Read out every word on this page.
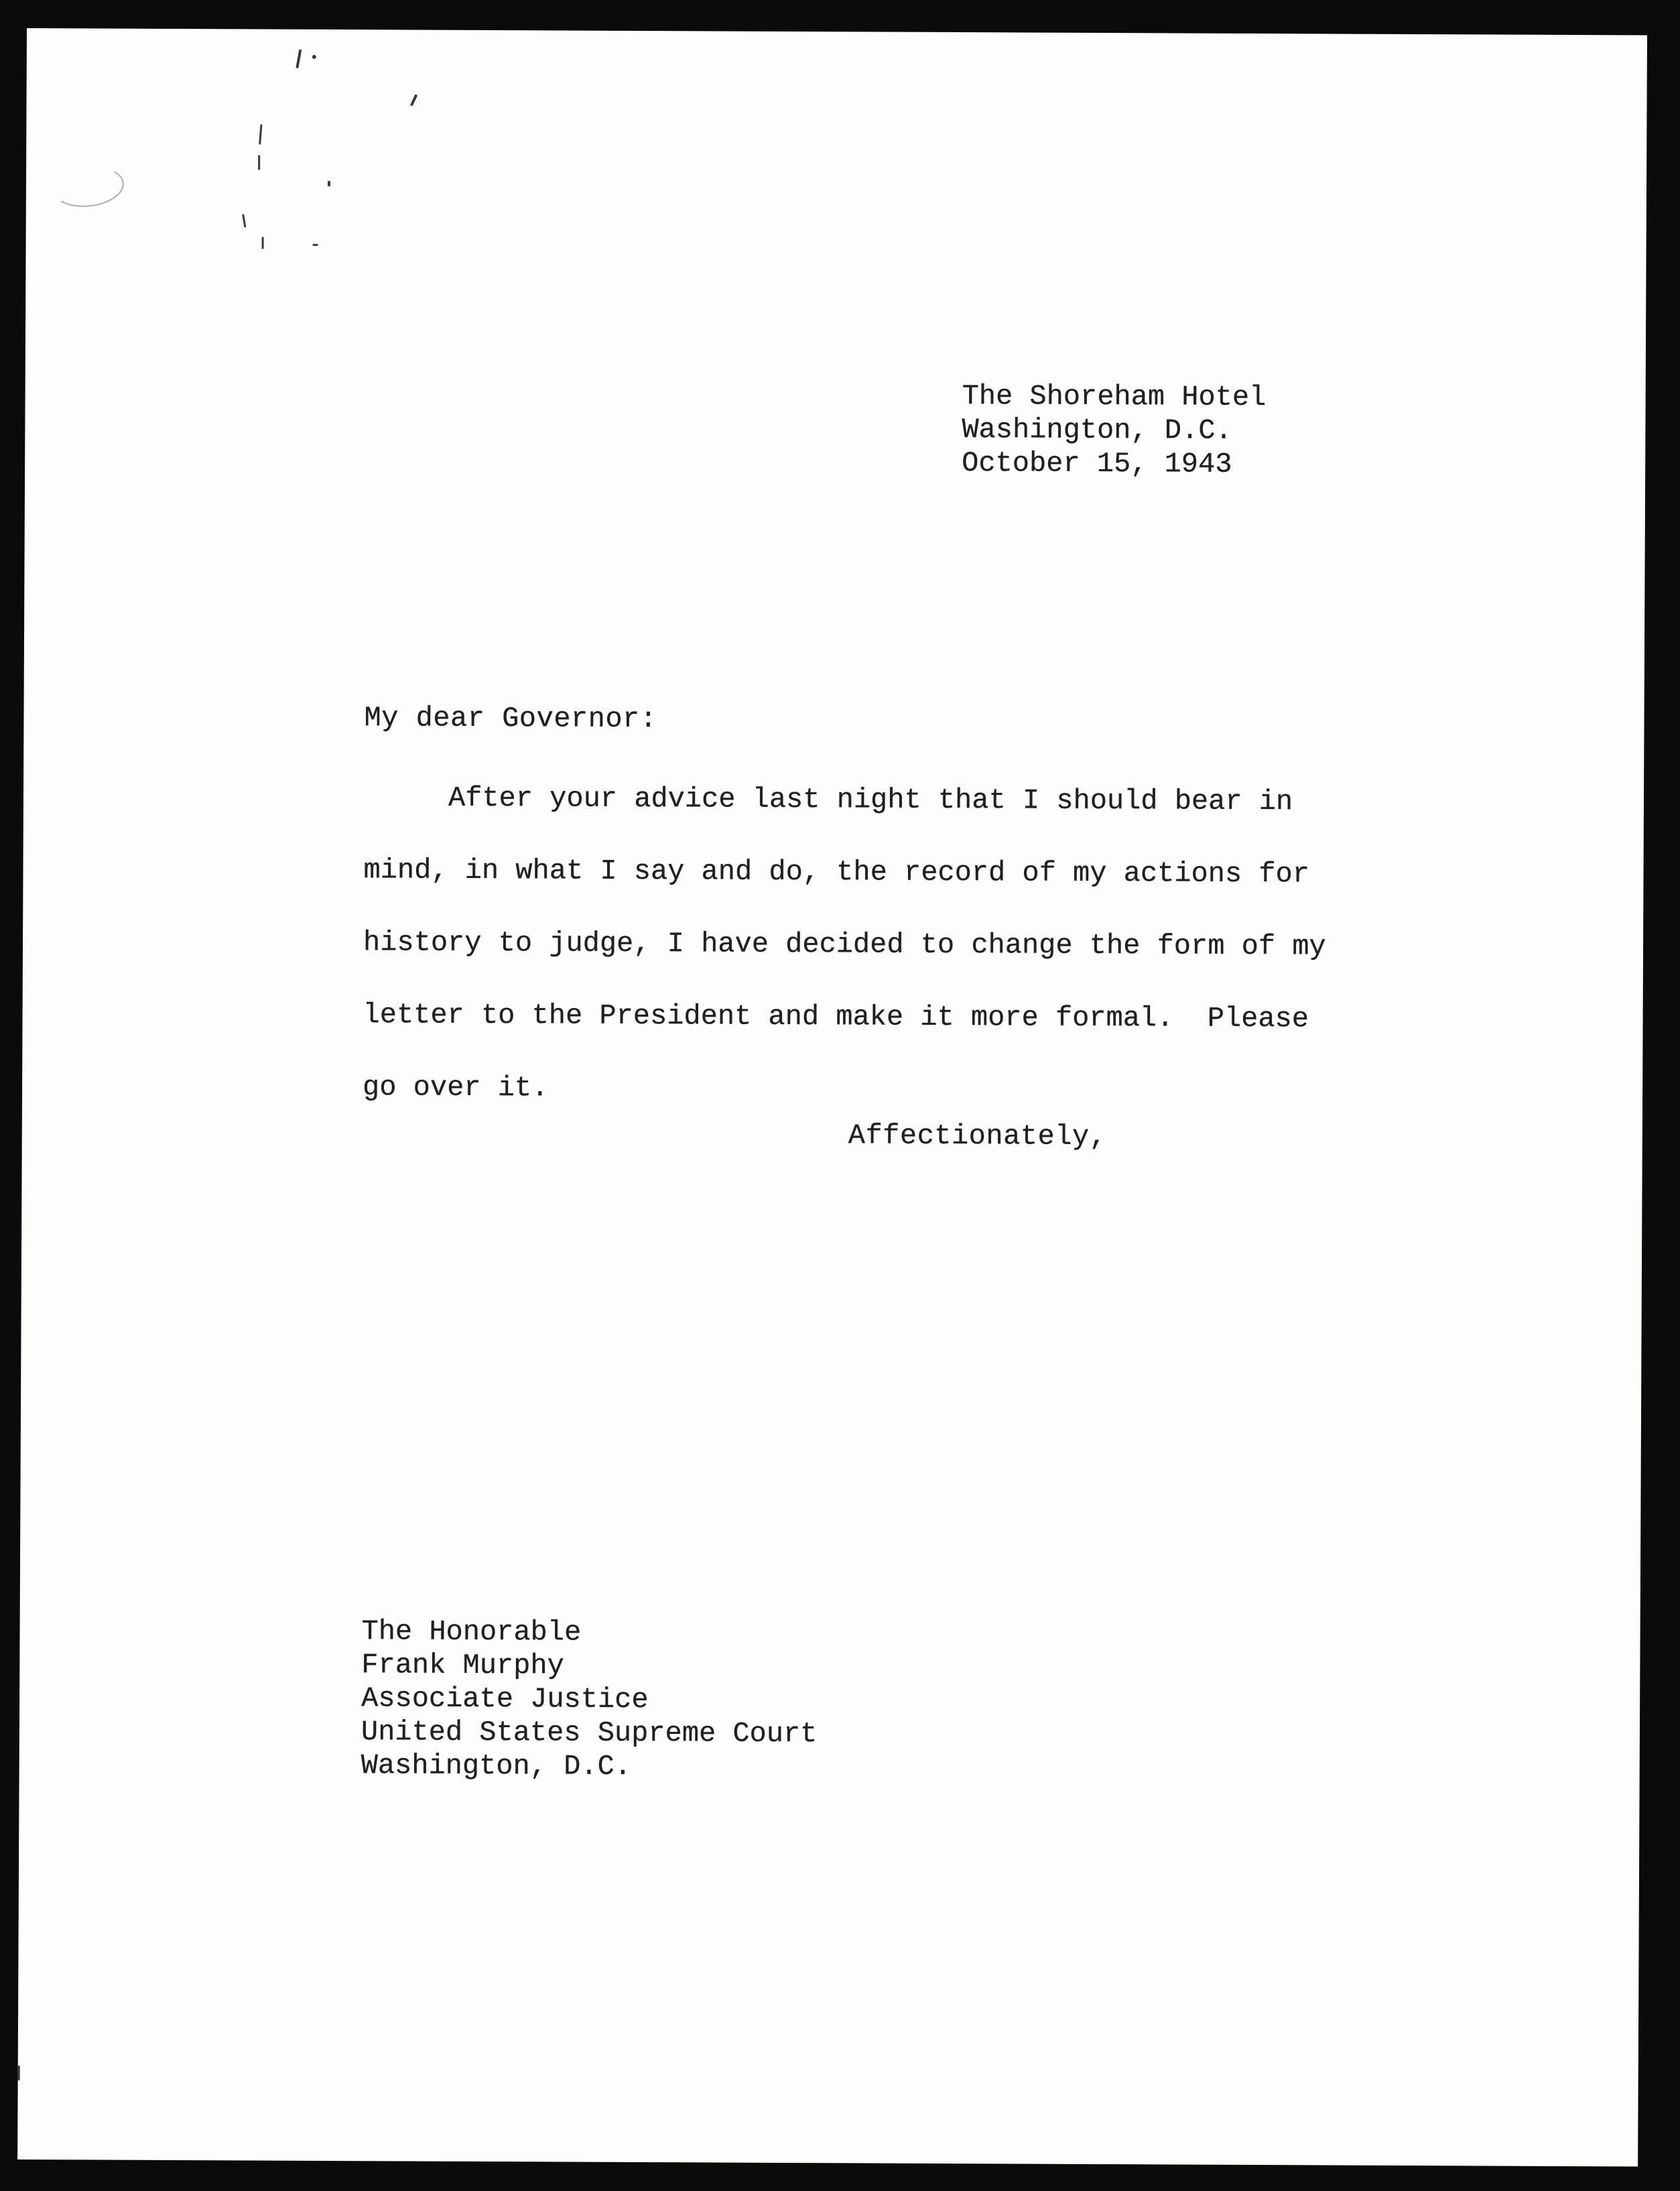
The Shoreham Hotel
Washington, D.C.
October 15, 1943
My dear Governor:
After your advice last night that I should bear in
mind, in what I say and do, the record of my actions for
history to judge, I have decided to change the form of my
letter to the President and make it more formal.  Please
go over it.
Affectionately,
The Honorable
Frank Murphy
Associate Justice
United States Supreme Court
Washington, D.C.
